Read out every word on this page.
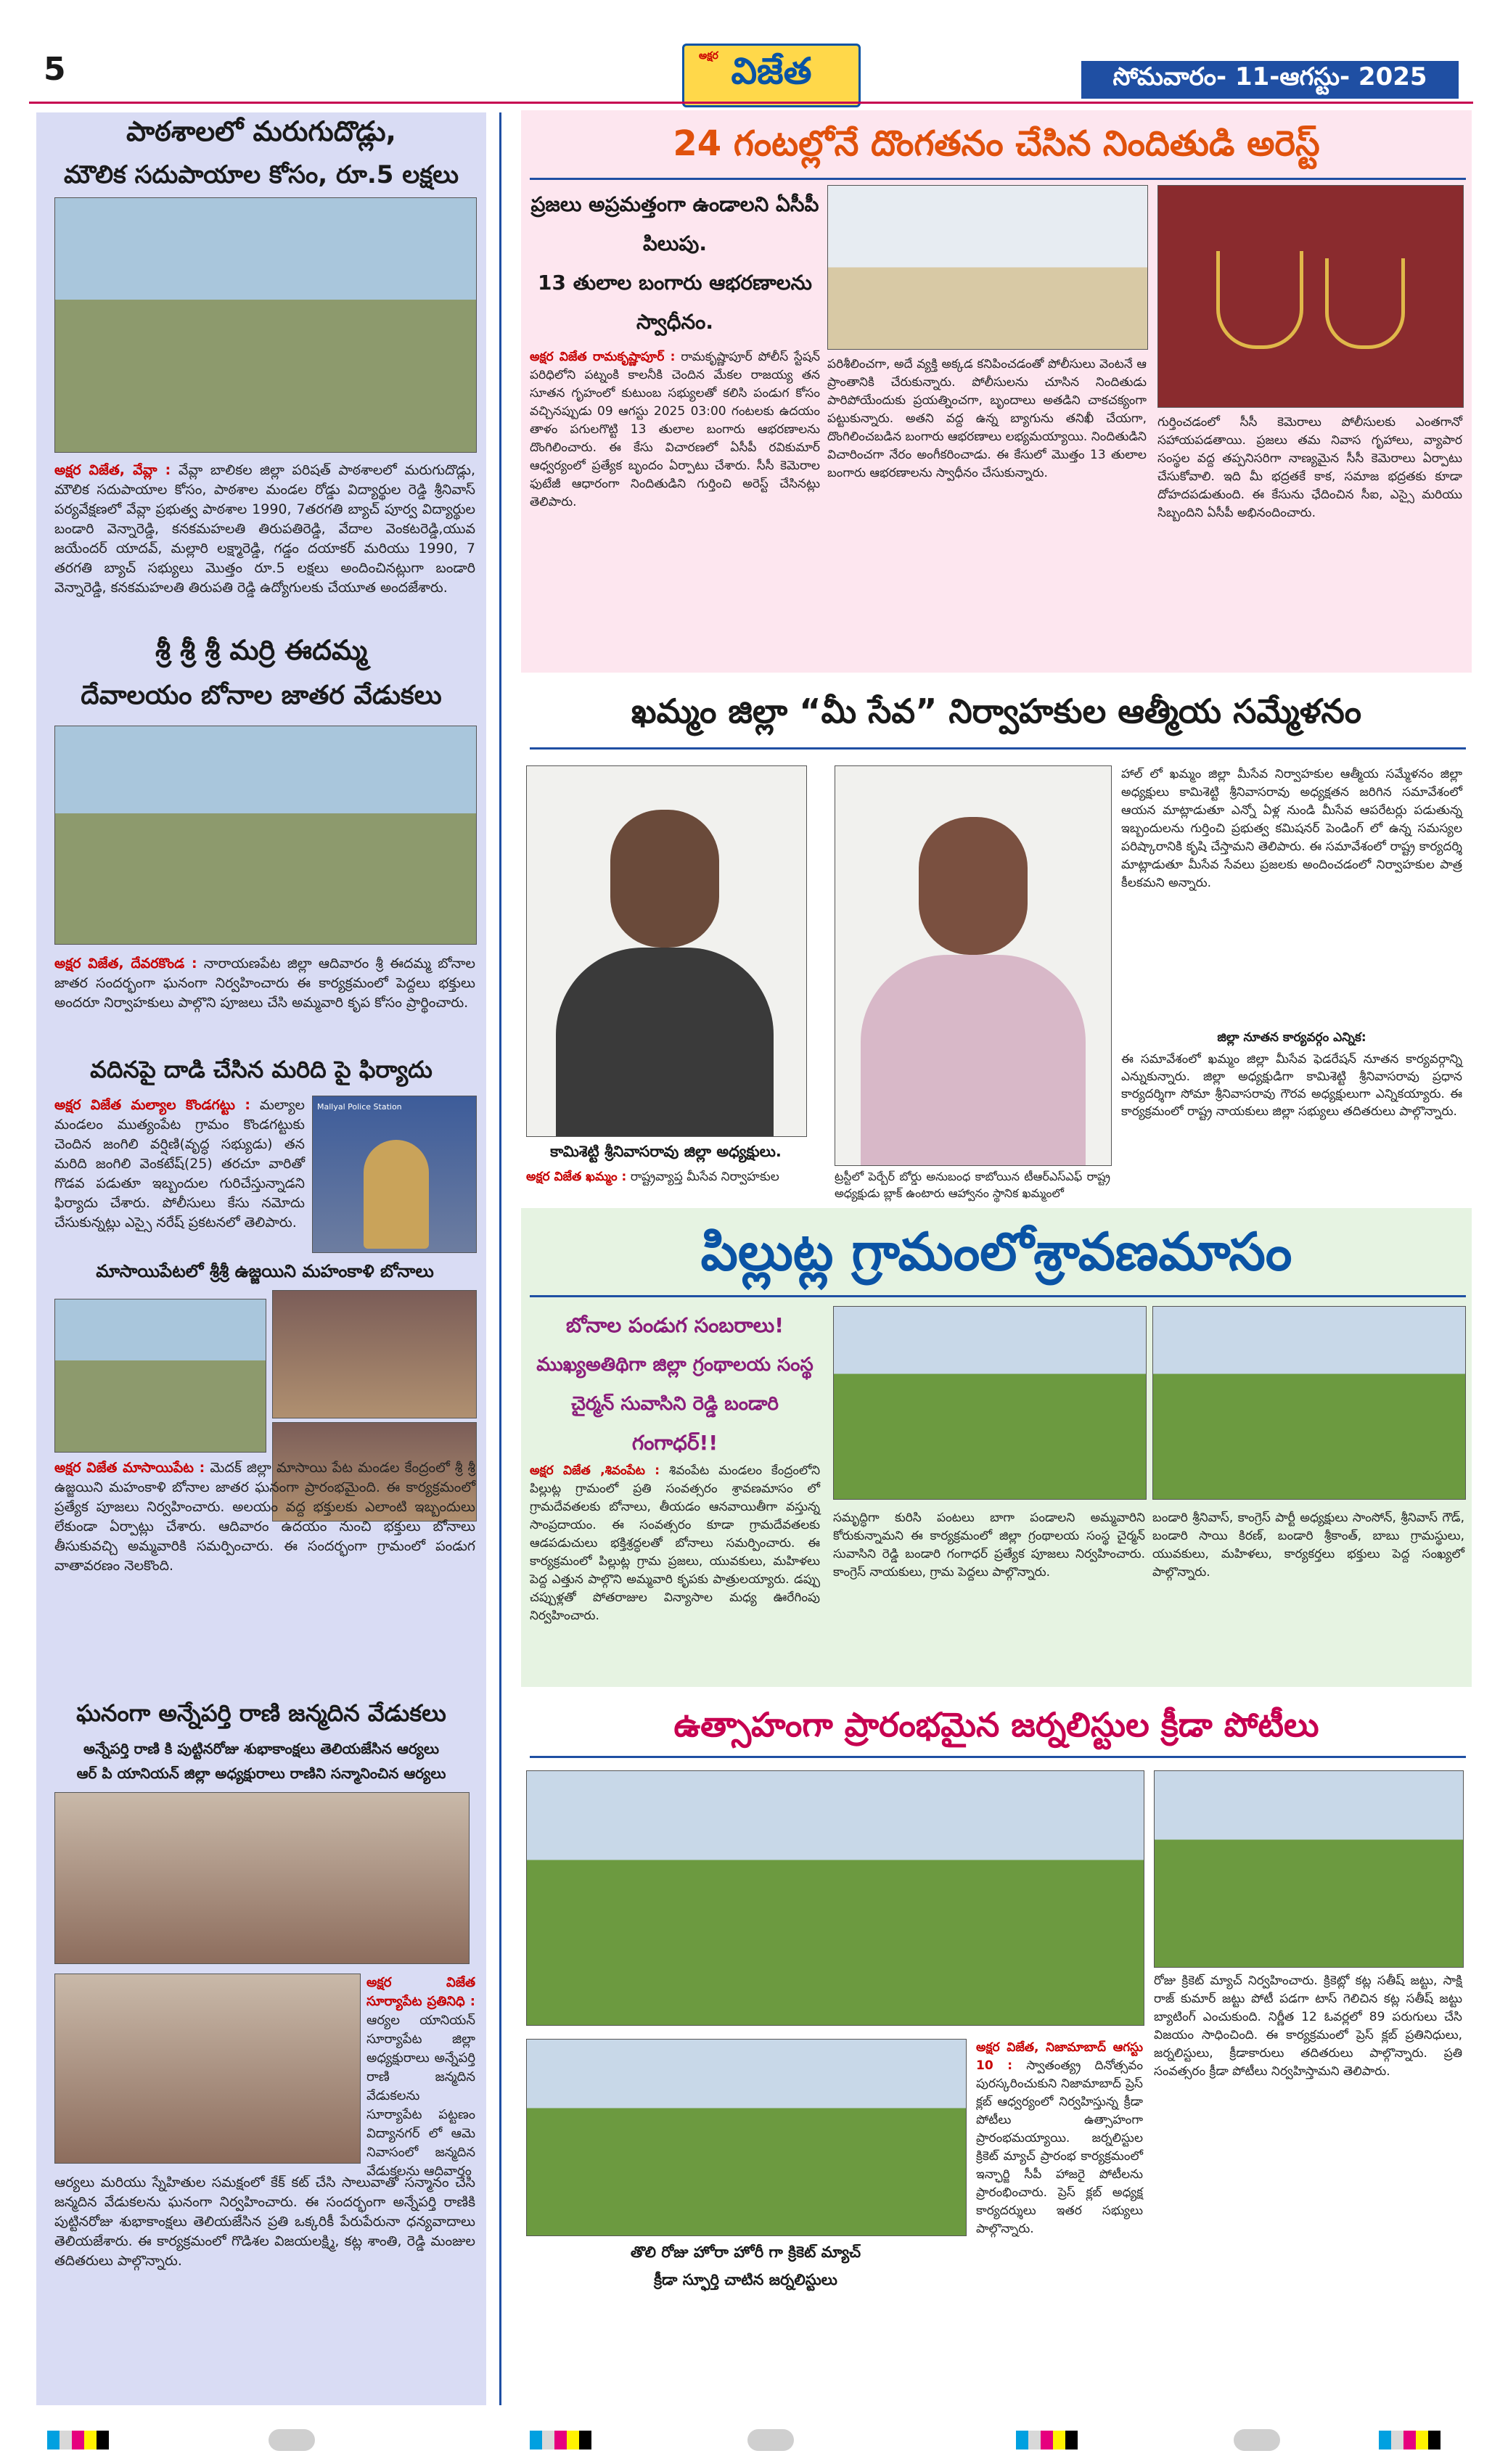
5	అక్షర విజేత	సోమవారం- 11-ఆగస్టు- 2025
పాఠశాలలో మరుగుదొడ్లు,
మౌలిక సదుపాయాల కోసం, రూ.5 లక్షలు
అక్షర విజేత, వేవ్లా : వేవ్లా బాలికల జిల్లా పరిషత్ పాఠశాలలో మరుగుదొడ్లు, మౌలిక సదుపాయాల కోసం, పాఠశాల మండల రోడ్డు విద్యార్థుల రెడ్డి శ్రీనివాస్ పర్యవేక్షణలో వేవ్లా ప్రభుత్వ పాఠశాల 1990, 7తరగతి బ్యాచ్ పూర్వ విద్యార్థుల బండారి వెన్నారెడ్డి, కనకమహలతి తిరుపతిరెడ్డి, వేదాల వెంకటరెడ్డి,యువ జయేందర్ యాదవ్, మల్లారి లక్ష్మారెడ్డి, గడ్డం దయాకర్ మరియు 1990, 7 తరగతి బ్యాచ్ సభ్యులు మొత్తం రూ.5 లక్షలు అందించినట్లుగా బండారి వెన్నారెడ్డి, కనకమహలతి తిరుపతి రెడ్డి ఉద్యోగులకు చేయూత అందజేశారు.
శ్రీ శ్రీ శ్రీ మర్రి ఈదమ్మ
దేవాలయం బోనాల జాతర వేడుకలు
అక్షర విజేత, దేవరకొండ : నారాయణపేట జిల్లా ఆదివారం శ్రీ ఈదమ్మ బోనాల జాతర సందర్భంగా ఘనంగా నిర్వహించారు ఈ కార్యక్రమంలో పెద్దలు భక్తులు అందరూ నిర్వాహకులు పాల్గొని పూజలు చేసి అమ్మవారి కృప కోసం ప్రార్థించారు.
వదినపై దాడి చేసిన మరిది పై ఫిర్యాదు
అక్షర విజేత మల్యాల కొండగట్టు : మల్యాల మండలం ముత్యంపేట గ్రామం కొండగట్టుకు చెందిన జంగిలి వర్షిణి(వృద్ధ సభ్యుడు) తన మరిది జంగిలి వెంకటేష్(25) తరచూ వారితో గొడవ పడుతూ ఇబ్బందుల గురిచేస్తున్నాడని ఫిర్యాదు చేశారు. పోలీసులు కేసు నమోదు చేసుకున్నట్లు ఎస్సై నరేష్ ప్రకటనలో తెలిపారు.
Mallyal Police Station
మాసాయిపేటలో శ్రీశ్రీ ఉజ్జయిని మహంకాళి బోనాలు
అక్షర విజేత మాసాయిపేట : మెదక్ జిల్లా మాసాయి పేట మండల కేంద్రంలో శ్రీ శ్రీ ఉజ్జయిని మహంకాళి బోనాల జాతర ఘనంగా ప్రారంభమైంది. ఈ కార్యక్రమంలో ప్రత్యేక పూజలు నిర్వహించారు. అలయం వద్ద భక్తులకు ఎలాంటి ఇబ్బందులు లేకుండా ఏర్పాట్లు చేశారు. ఆదివారం ఉదయం నుంచి భక్తులు బోనాలు తీసుకువచ్చి అమ్మవారికి సమర్పించారు. ఈ సందర్భంగా గ్రామంలో పండుగ వాతావరణం నెలకొంది.
ఘనంగా అన్నేపర్తి రాణి జన్మదిన వేడుకలు
అన్నేపర్తి రాణి కి పుట్టినరోజు శుభాకాంక్షలు తెలియజేసిన ఆర్యలు
ఆర్ పి యానియన్ జిల్లా అధ్యక్షురాలు రాణిని సన్మానించిన ఆర్యలు
అక్షర విజేత సూర్యాపేట ప్రతినిధి : ఆర్యల యానియన్ సూర్యాపేట జిల్లా అధ్యక్షురాలు అన్నేపర్తి రాణి జన్మదిన వేడుకలను సూర్యాపేట పట్టణం విద్యానగర్ లో ఆమె నివాసంలో జన్మదిన వేడుకలను ఆదివారం
ఆర్యలు మరియు స్నేహితుల సమక్షంలో కేక్ కట్ చేసి సాలువాతో సన్మానం చేసి జన్మదిన వేడుకలను ఘనంగా నిర్వహించారు. ఈ సందర్భంగా అన్నేపర్తి రాణికి పుట్టినరోజు శుభాకాంక్షలు తెలియజేసిన ప్రతి ఒక్కరికీ పేరుపేరునా ధన్యవాదాలు తెలియజేశారు. ఈ కార్యక్రమంలో గొడిశల విజయలక్ష్మి, కట్ల శాంతి, రెడ్డి మంజుల తదితరులు పాల్గొన్నారు.
24 గంటల్లోనే దొంగతనం చేసిన నిందితుడి అరెస్ట్
ప్రజలు అప్రమత్తంగా ఉండాలని ఏసీపీ
పిలుపు.
13 తులాల బంగారు ఆభరణాలను
స్వాధీనం.
అక్షర విజేత రామకృష్ణాపూర్ : రామకృష్ణాపూర్ పోలీస్ స్టేషన్ పరిధిలోని పట్నంకి కాలనీకి చెందిన మేకల రాజయ్య తన సూతన గృహంలో కుటుంబ సభ్యులతో కలిసి పండుగ కోసం వచ్చినప్పుడు 09 ఆగస్టు 2025 03:00 గంటలకు ఉదయం తాళం పగులగొట్టి 13 తులాల బంగారు ఆభరణాలను దొంగిలించారు. ఈ కేసు విచారణలో ఏసీపీ రవికుమార్ ఆధ్వర్యంలో ప్రత్యేక బృందం ఏర్పాటు చేశారు. సీసీ కెమెరాల ఫుటేజీ ఆధారంగా నిందితుడిని గుర్తించి అరెస్ట్ చేసినట్లు తెలిపారు.
పరిశీలించగా, అదే వ్యక్తి అక్కడ కనిపించడంతో పోలీసులు వెంటనే ఆ ప్రాంతానికి చేరుకున్నారు. పోలీసులను చూసిన నిందితుడు పారిపోయేందుకు ప్రయత్నించగా, బృందాలు అతడిని చాకచక్యంగా పట్టుకున్నారు. అతని వద్ద ఉన్న బ్యాగును తనిఖీ చేయగా, దొంగిలించబడిన బంగారు ఆభరణాలు లభ్యమయ్యాయి. నిందితుడిని విచారించగా నేరం అంగీకరించాడు. ఈ కేసులో మొత్తం 13 తులాల బంగారు ఆభరణాలను స్వాధీనం చేసుకున్నారు.
గుర్తించడంలో సీసీ కెమెరాలు పోలీసులకు ఎంతగానో సహాయపడతాయి. ప్రజలు తమ నివాస గృహాలు, వ్యాపార సంస్థల వద్ద తప్పనిసరిగా నాణ్యమైన సీసీ కెమెరాలు ఏర్పాటు చేసుకోవాలి. ఇది మీ భద్రతకే కాక, సమాజ భద్రతకు కూడా దోహదపడుతుంది. ఈ కేసును ఛేదించిన సీఐ, ఎస్సై మరియు సిబ్బందిని ఏసీపీ అభినందించారు.
ఖమ్మం జిల్లా “మీ సేవ” నిర్వాహకుల ఆత్మీయ సమ్మేళనం
కామిశెట్టి శ్రీనివాసరావు జిల్లా అధ్యక్షులు.
అక్షర విజేత ఖమ్మం : రాష్ట్రవ్యాప్త మీసేవ నిర్వాహకుల	ట్రస్టీలో పెర్బేర్ బోర్డు అనుబంధ కాబోయిన టీఆర్ఎస్ఎఫ్ రాష్ట్ర అధ్యక్షుడు బ్లాక్ ఉంటారు ఆహ్వానం స్థానిక ఖమ్మంలో
హాల్ లో ఖమ్మం జిల్లా మీసేవ నిర్వాహకుల ఆత్మీయ సమ్మేళనం జిల్లా అధ్యక్షులు కామిశెట్టి శ్రీనివాసరావు అధ్యక్షతన జరిగిన సమావేశంలో ఆయన మాట్లాడుతూ ఎన్నో ఏళ్ల నుండి మీసేవ ఆపరేటర్లు పడుతున్న ఇబ్బందులను గుర్తించి ప్రభుత్వ కమిషనర్ పెండింగ్ లో ఉన్న సమస్యల పరిష్కారానికి కృషి చేస్తామని తెలిపారు. ఈ సమావేశంలో రాష్ట్ర కార్యదర్శి మాట్లాడుతూ మీసేవ సేవలు ప్రజలకు అందించడంలో నిర్వాహకుల పాత్ర కీలకమని అన్నారు.
జిల్లా నూతన కార్యవర్గం ఎన్నిక:
ఈ సమావేశంలో ఖమ్మం జిల్లా మీసేవ ఫెడరేషన్ నూతన కార్యవర్గాన్ని ఎన్నుకున్నారు. జిల్లా అధ్యక్షుడిగా కామిశెట్టి శ్రీనివాసరావు ప్రధాన కార్యదర్శిగా సోమా శ్రీనివాసరావు గౌరవ అధ్యక్షులుగా ఎన్నికయ్యారు. ఈ కార్యక్రమంలో రాష్ట్ర నాయకులు జిల్లా సభ్యులు తదితరులు పాల్గొన్నారు.
పిల్లుట్ల గ్రామంలోశ్రావణమాసం
బోనాల పండుగ సంబరాలు!
ముఖ్యఅతిథిగా జిల్లా గ్రంథాలయ సంస్థ
చైర్మన్ సువాసిని రెడ్డి బండారి
గంగాధర్!!
అక్షర విజేత ,శివంపేట : శివంపేట మండలం కేంద్రంలోని పిల్లుట్ల గ్రామంలో ప్రతి సంవత్సరం శ్రావణమాసం లో గ్రామదేవతలకు బోనాలు, తీయడం ఆనవాయితీగా వస్తున్న సాంప్రదాయం. ఈ సంవత్సరం కూడా గ్రామదేవతలకు ఆడపడుచులు భక్తిశ్రద్ధలతో బోనాలు సమర్పించారు. ఈ కార్యక్రమంలో పిల్లుట్ల గ్రామ ప్రజలు, యువకులు, మహిళలు పెద్ద ఎత్తున పాల్గొని అమ్మవారి కృపకు పాత్రులయ్యారు. డప్పు చప్పుళ్లతో పోతరాజుల విన్యాసాల మధ్య ఊరేగింపు నిర్వహించారు.
సమృద్ధిగా కురిసి పంటలు బాగా పండాలని అమ్మవారిని కోరుకున్నామని ఈ కార్యక్రమంలో జిల్లా గ్రంథాలయ సంస్థ చైర్మన్ సువాసిని రెడ్డి బండారి గంగాధర్ ప్రత్యేక పూజలు నిర్వహించారు. కాంగ్రెస్ నాయకులు, గ్రామ పెద్దలు పాల్గొన్నారు.
బండారి శ్రీనివాస్, కాంగ్రెస్ పార్టీ అధ్యక్షులు సాంసోన్, శ్రీనివాస్ గౌడ్, బండారి సాయి కిరణ్, బండారి శ్రీకాంత్, బాబు గ్రామస్థులు, యువకులు, మహిళలు, కార్యకర్తలు భక్తులు పెద్ద సంఖ్యలో పాల్గొన్నారు.
ఉత్సాహంగా ప్రారంభమైన జర్నలిస్టుల క్రీడా పోటీలు
రోజు క్రికెట్ మ్యాచ్ నిర్వహించారు. క్రికెట్లో కట్ల సతీష్ జట్టు, సాక్షి రాజ్ కుమార్ జట్టు పోటీ పడగా టాస్ గెలిచిన కట్ల సతీష్ జట్టు బ్యాటింగ్ ఎంచుకుంది. నిర్ణీత 12 ఓవర్లలో 89 పరుగులు చేసి విజయం సాధించింది. ఈ కార్యక్రమంలో ప్రెస్ క్లబ్ ప్రతినిధులు, జర్నలిస్టులు, క్రీడాకారులు తదితరులు పాల్గొన్నారు. ప్రతి సంవత్సరం క్రీడా పోటీలు నిర్వహిస్తామని తెలిపారు.
తొలి రోజు హోరా హోరీ గా క్రికెట్ మ్యాచ్
క్రీడా స్ఫూర్తి చాటిన జర్నలిస్టులు
అక్షర విజేత, నిజామాబాద్ ఆగస్టు 10 : స్వాతంత్య్ర దినోత్సవం పురస్కరించుకుని నిజామాబాద్ ప్రెస్ క్లబ్ ఆధ్వర్యంలో నిర్వహిస్తున్న క్రీడా పోటీలు ఉత్సాహంగా ప్రారంభమయ్యాయి. జర్నలిస్టుల క్రికెట్ మ్యాచ్ ప్రారంభ కార్యక్రమంలో ఇన్ఛార్జి సీపీ హాజరై పోటీలను ప్రారంభించారు. ప్రెస్ క్లబ్ అధ్యక్ష కార్యదర్శులు ఇతర సభ్యులు పాల్గొన్నారు.
